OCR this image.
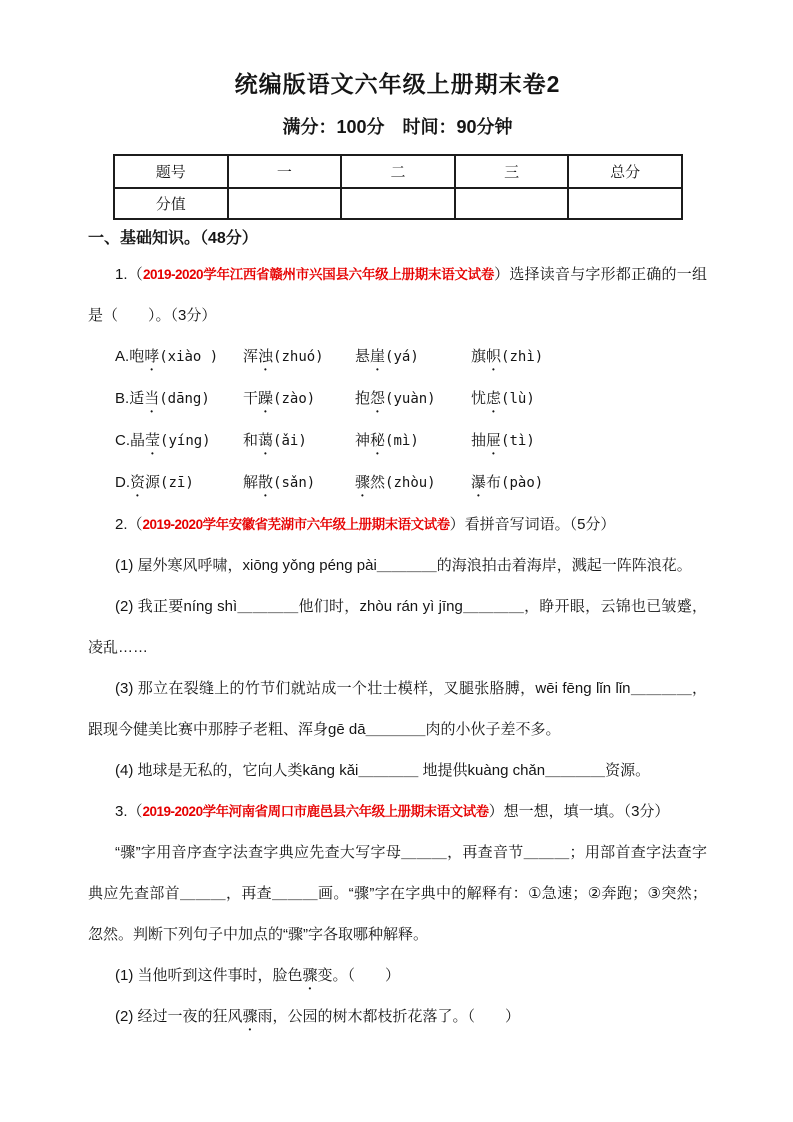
统编版语文六年级上册期末卷2
满分：100分　时间：90分钟
题号	一	二	三	总分
分值				

一、基础知识。（48分）

1.（2019-2020学年江西省赣州市兴国县六年级上册期末语文试卷）选择读音与字形都正确的一组是（　　）。（3分）

A.咆哮(xiào )	浑浊(zhuó)	悬崖(yá)	旗帜(zhì)
B.适当(dāng)	干躁(zào)	抱怨(yuàn)	忧虑(lù)
C.晶莹(yíng)	和蔼(ǎi)	神秘(mì)	抽屉(tì)
D.资源(zī)	解散(sǎn)	骤然(zhòu)	瀑布(pào)

2.（2019-2020学年安徽省芜湖市六年级上册期末语文试卷）看拼音写词语。（5分）

(1) 屋外寒风呼啸，xiōng yǒng péng pài＿＿＿＿的海浪拍击着海岸，溅起一阵阵浪花。

(2) 我正要níng shì＿＿＿＿他们时，zhòu rán yì jīng＿＿＿＿，睁开眼，云锦也已皱蹙，凌乱……

(3) 那立在裂缝上的竹节们就站成一个壮士模样，叉腿张胳膊，wēi fēng lǐn lǐn＿＿＿＿，跟现今健美比赛中那脖子老粗、浑身gē dā＿＿＿＿肉的小伙子差不多。

(4) 地球是无私的，它向人类kāng kǎi＿＿＿＿ 地提供kuàng chǎn＿＿＿＿资源。

3.（2019-2020学年河南省周口市鹿邑县六年级上册期末语文试卷）想一想，填一填。（3分）

“骤”字用音序查字法查字典应先查大写字母＿＿＿，再查音节＿＿＿；用部首查字法查字典应先查部首＿＿＿，再查＿＿＿画。“骤”字在字典中的解释有：①急速；②奔跑；③突然；忽然。判断下列句子中加点的“骤”字各取哪种解释。

(1) 当他听到这件事时，脸色骤变。（　　）

(2) 经过一夜的狂风骤雨，公园的树木都枝折花落了。（　　）
